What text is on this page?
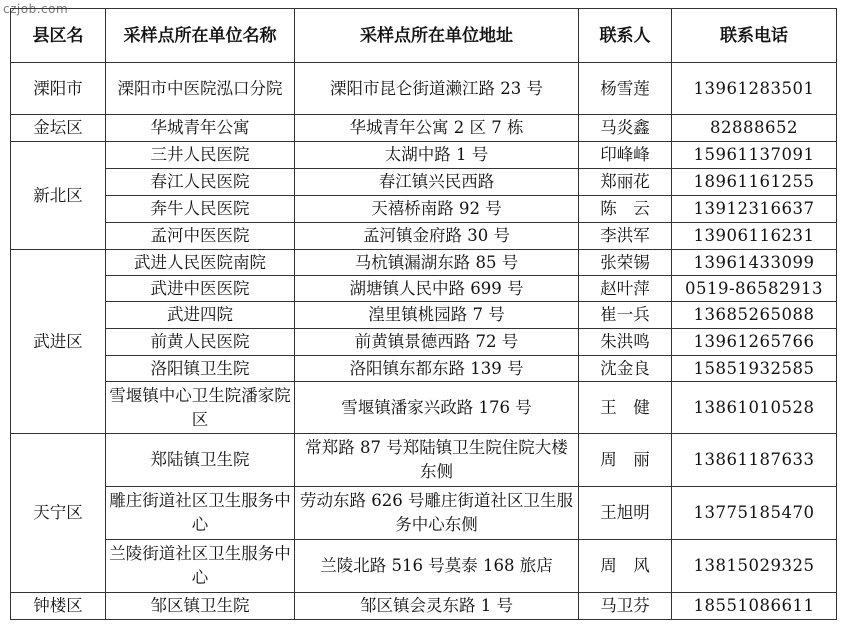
czjob.com
县区名	采样点所在单位名称	采样点所在单位地址	联系人	联系电话
溧阳市	溧阳市中医院泓口分院	溧阳市昆仑街道濑江路 23 号	杨雪莲	13961283501
金坛区	华城青年公寓	华城青年公寓 2 区 7 栋	马炎鑫	82888652
新北区	三井人民医院	太湖中路 1 号	印峰峰	15961137091
	春江人民医院	春江镇兴民西路	郑丽花	18961161255
	奔牛人民医院	天禧桥南路 92 号	陈　云	13912316637
	孟河中医医院	孟河镇金府路 30 号	李洪军	13906116231
武进区	武进人民医院南院	马杭镇漏湖东路 85 号	张荣锡	13961433099
	武进中医医院	湖塘镇人民中路 699 号	赵叶萍	0519-86582913
	武进四院	湟里镇桃园路 7 号	崔一兵	13685265088
	前黄人民医院	前黄镇景德西路 72 号	朱洪鸣	13961265766
	洛阳镇卫生院	洛阳镇东都东路 139 号	沈金良	15851932585
	雪堰镇中心卫生院潘家院区	雪堰镇潘家兴政路 176 号	王　健	13861010528
天宁区	郑陆镇卫生院	常郑路 87 号郑陆镇卫生院住院大楼东侧	周　丽	13861187633
	雕庄街道社区卫生服务中心	劳动东路 626 号雕庄街道社区卫生服务中心东侧	王旭明	13775185470
	兰陵街道社区卫生服务中心	兰陵北路 516 号莫泰 168 旅店	周　风	13815029325
钟楼区	邹区镇卫生院	邹区镇会灵东路 1 号	马卫芬	18551086611
